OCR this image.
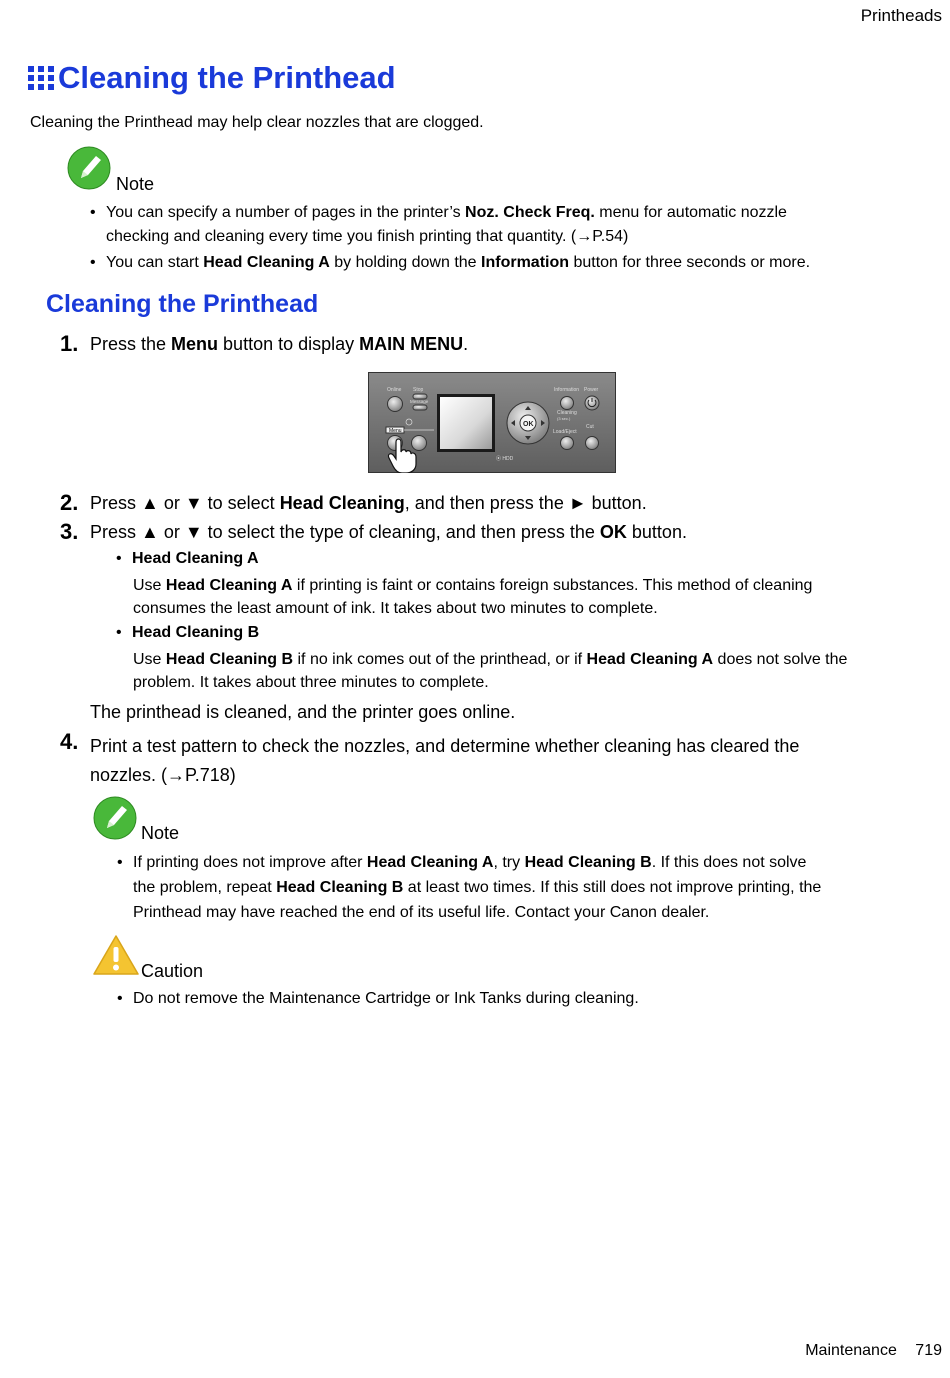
Printheads
Cleaning the Printhead
Cleaning the Printhead may help clear nozzles that are clogged.
Note
• You can specify a number of pages in the printer’s Noz. Check Freq. menu for automatic nozzle
checking and cleaning every time you finish printing that quantity. (→P.54)
• You can start Head Cleaning A by holding down the Information button for three seconds or more.
Cleaning the Printhead
1. Press the Menu button to display MAIN MENU.
Online Stop
Message
Information Power
Cleaning
(3 sec.)
Load/Eject
Cut
⦿ HDD
Menu
OK
2. Press ▲ or ▼ to select Head Cleaning, and then press the ► button.
3. Press ▲ or ▼ to select the type of cleaning, and then press the OK button.
• Head Cleaning A
Use Head Cleaning A if printing is faint or contains foreign substances. This method of cleaning
consumes the least amount of ink. It takes about two minutes to complete.
• Head Cleaning B
Use Head Cleaning B if no ink comes out of the printhead, or if Head Cleaning A does not solve the
problem. It takes about three minutes to complete.
The printhead is cleaned, and the printer goes online.
4. Print a test pattern to check the nozzles, and determine whether cleaning has cleared the
nozzles. (→P.718)
Note
• If printing does not improve after Head Cleaning A, try Head Cleaning B. If this does not solve
the problem, repeat Head Cleaning B at least two times. If this still does not improve printing, the
Printhead may have reached the end of its useful life. Contact your Canon dealer.
Caution
• Do not remove the Maintenance Cartridge or Ink Tanks during cleaning.
Maintenance 719
